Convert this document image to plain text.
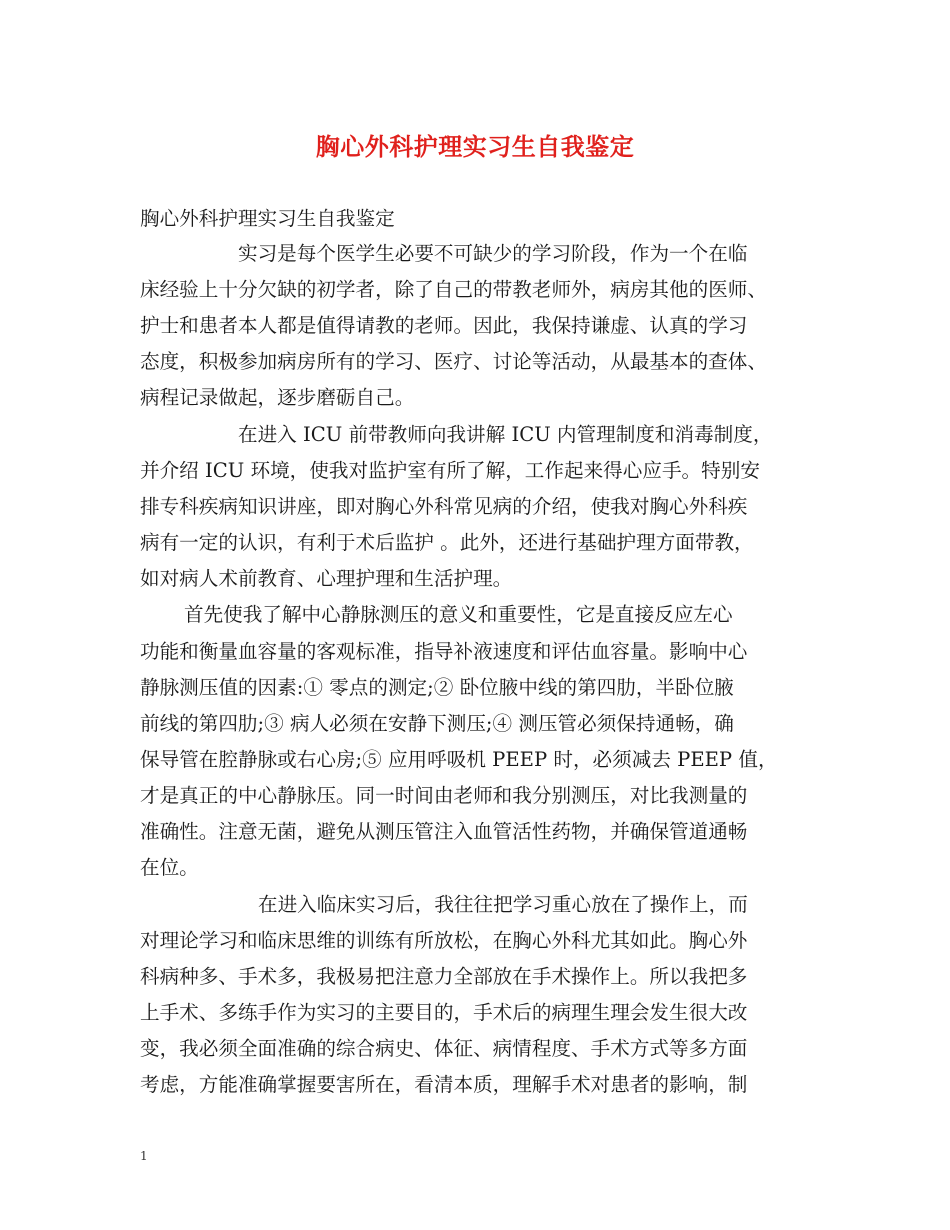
胸心外科护理实习生自我鉴定
胸心外科护理实习生自我鉴定
实习是每个医学生必要不可缺少的学习阶段，作为一个在临
床经验上十分欠缺的初学者，除了自己的带教老师外，病房其他的医师、
护士和患者本人都是值得请教的老师。因此，我保持谦虚、认真的学习
态度，积极参加病房所有的学习、医疗、讨论等活动，从最基本的查体、
病程记录做起，逐步磨砺自己。
在进入 ICU 前带教师向我讲解 ICU 内管理制度和消毒制度，
并介绍 ICU 环境，使我对监护室有所了解，工作起来得心应手。特别安
排专科疾病知识讲座，即对胸心外科常见病的介绍，使我对胸心外科疾
病有一定的认识，有利于术后监护 。此外，还进行基础护理方面带教，
如对病人术前教育、心理护理和生活护理。
首先使我了解中心静脉测压的意义和重要性，它是直接反应左心
功能和衡量血容量的客观标准，指导补液速度和评估血容量。影响中心
静脉测压值的因素:① 零点的测定;② 卧位腋中线的第四肋，半卧位腋
前线的第四肋;③ 病人必须在安静下测压;④ 测压管必须保持通畅，确
保导管在腔静脉或右心房;⑤ 应用呼吸机 PEEP 时，必须减去 PEEP 值，
才是真正的中心静脉压。同一时间由老师和我分别测压，对比我测量的
准确性。注意无菌，避免从测压管注入血管活性药物，并确保管道通畅
在位。
在进入临床实习后，我往往把学习重心放在了操作上，而
对理论学习和临床思维的训练有所放松，在胸心外科尤其如此。胸心外
科病种多、手术多，我极易把注意力全部放在手术操作上。所以我把多
上手术、多练手作为实习的主要目的，手术后的病理生理会发生很大改
变，我必须全面准确的综合病史、体征、病情程度、手术方式等多方面
考虑，方能准确掌握要害所在，看清本质，理解手术对患者的影响，制
1
